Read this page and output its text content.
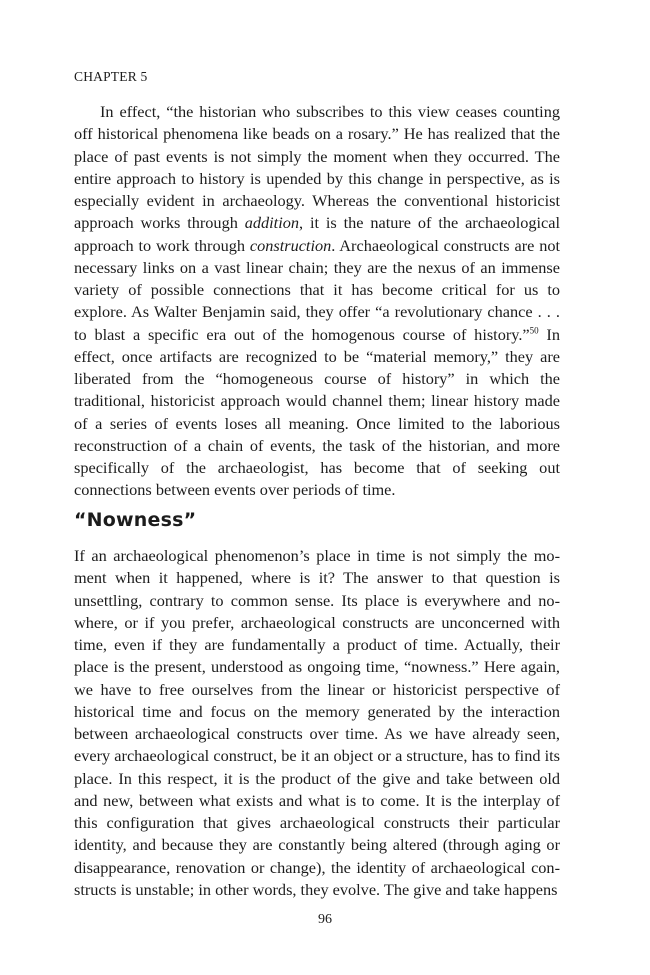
CHAPTER 5

In effect, “the historian who subscribes to this view ceases counting off historical phenomena like beads on a rosary.” He has realized that the place of past events is not simply the moment when they occurred. The entire approach to history is upended by this change in perspective, as is especially evident in archaeology. Whereas the conventional historicist approach works through addition, it is the nature of the archaeological approach to work through construction. Archaeological constructs are not necessary links on a vast linear chain; they are the nexus of an immense variety of possible connections that it has become critical for us to explore. As Walter Benjamin said, they offer “a revolutionary chance . . . to blast a specific era out of the homogenous course of history.”$^{50}$ In effect, once artifacts are recognized to be “material memory,” they are liberated from the “homogeneous course of history” in which the traditional, historicist approach would channel them; linear history made of a series of events loses all meaning. Once limited to the laborious reconstruction of a chain of events, the task of the historian, and more specifically of the archaeologist, has become that of seeking out connections between events over periods of time.

“Nowness”

If an archaeological phenomenon’s place in time is not simply the moment when it happened, where is it? The answer to that question is unsettling, contrary to common sense. Its place is everywhere and nowhere, or if you prefer, archaeological constructs are unconcerned with time, even if they are fundamentally a product of time. Actually, their place is the present, understood as ongoing time, “nowness.” Here again, we have to free ourselves from the linear or historicist perspective of historical time and focus on the memory generated by the interaction between archaeological constructs over time. As we have already seen, every archaeological construct, be it an object or a structure, has to find its place. In this respect, it is the product of the give and take between old and new, between what exists and what is to come. It is the interplay of this configuration that gives archaeological constructs their particular identity, and because they are constantly being altered (through aging or disappearance, renovation or change), the identity of archaeological constructs is unstable; in other words, they evolve. The give and take happens

96
